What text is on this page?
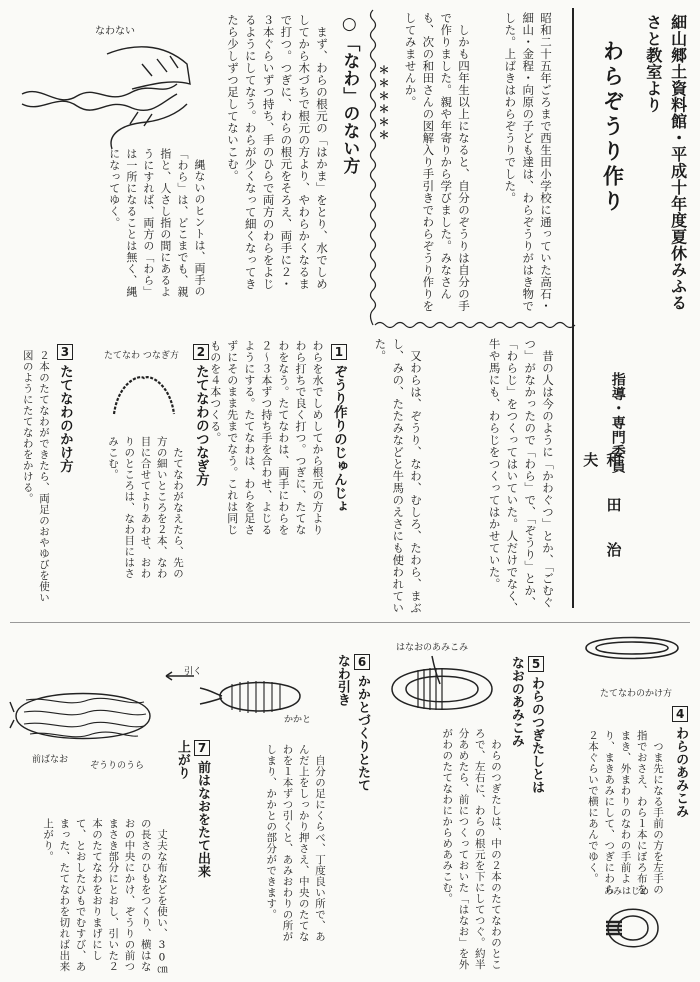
細山郷土資料館・平成十年度夏休みふるさと教室より
わらぞうり作り
指導・専門委員
和 田 治 夫
昭和二十五年ごろまで西生田小学校に通っていた高石・細山・金程・向原の子ども達は、わらぞうりがはき物でした。上ばきはわらぞうりでした。
しかも四年生以上になると、自分のぞうりは自分の手で作りました。親や年寄りから学びました。みなさんも、次の和田さんの図解入り手引きでわらぞうり作りをしてみませんか。
昔の人は今のように「かわぐつ」とか、「ごむぐつ」がなかったので「わら」で、「ぞうり」とか、「わらじ」をつくってはいていた。人だけでなく、牛や馬にも、わらじをつくってはかせていた。
又わらは、ぞうり、なわ、むしろ、たわら、まぶし、みの、たたみなどと牛馬のえさにも使われていた。
○「なわ」のない方 ＊＊＊＊＊＊
まず、わらの根元の「はかま」をとり、水でしめしてから木づちで根元の方より、やわらかくなるまで打つ。つぎに、わらの根元をそろえ、両手に２・３本ぐらいずつ持ち、手のひらで両方のわらをよじるようにしてなう。わらが少くなって細くなってきたら少しずつ足してないこむ。
縄ないのヒントは、両手の「わら」は、どこまでも、親指と、人さし指の間にあるようにすれば、両方の「わら」は一所になることは無く、縄になってゆく。
なわない
1 ぞうり作りのじゅんじょ
わらを水でしめしてから根元の方よりわら打ちで良く打つ。つぎに、たてなわをなう。たてなわは、両手にわらを２～３本ずつ持ち手を合わせ、よじるようにする。たてなわは、わらを足さずにそのまま先までなう。これは同じものを４本つくる。
2 たてなわのつなぎ方
たてなわ つなぎ方
たてなわがなえたら、先の方の細いところを２本、なわ目に合せてよりあわせ、おわりのところは、なわ目にはさみこむ。
3 たてなわのかけ方
２本のたてなわができたら、両足のおやゆびを使い図のようにたてなわをかける。
たてなわのかけ方
4 わらのあみこみ
つま先になる手前の方を左手の指でおさえ、わら１本にぼろ布をまき、外まわりのなわの手前より、まきあみにして、つぎにわら２本ぐらいで横にあんでゆく。
あみはじめ
はなおのあみこみ
5 わらのつぎたしとはなおのあみこみ
わらのつぎたしは、中の２本のたてなわのところで、左右に、わらの根元を下にしてつぐ。約半分あめたら、前につくっておいた「はなお」を外がわのたてなわにからめあみこむ。
引く
かかと
6 かかとづくりとたてなわ引き
自分の足にくらべ、丁度良い所で、あんだ上をしっかり押さえ、中央のたてなわを１本ずつ引くと、あみおわりの所がしまり、かかとの部分ができます。
7 前はなおをたて出来上がり
丈夫な布などを使い、30㎝の長さのひもをつくり、横はなおの中央にかけ、ぞうりの前つまさき部分にとおし、引いた２本のたてなわをおりまげにして、とおしたひもでむすび、あまった、たてなわを切れば出来上がり。
前ばなお
ぞうりのうら
